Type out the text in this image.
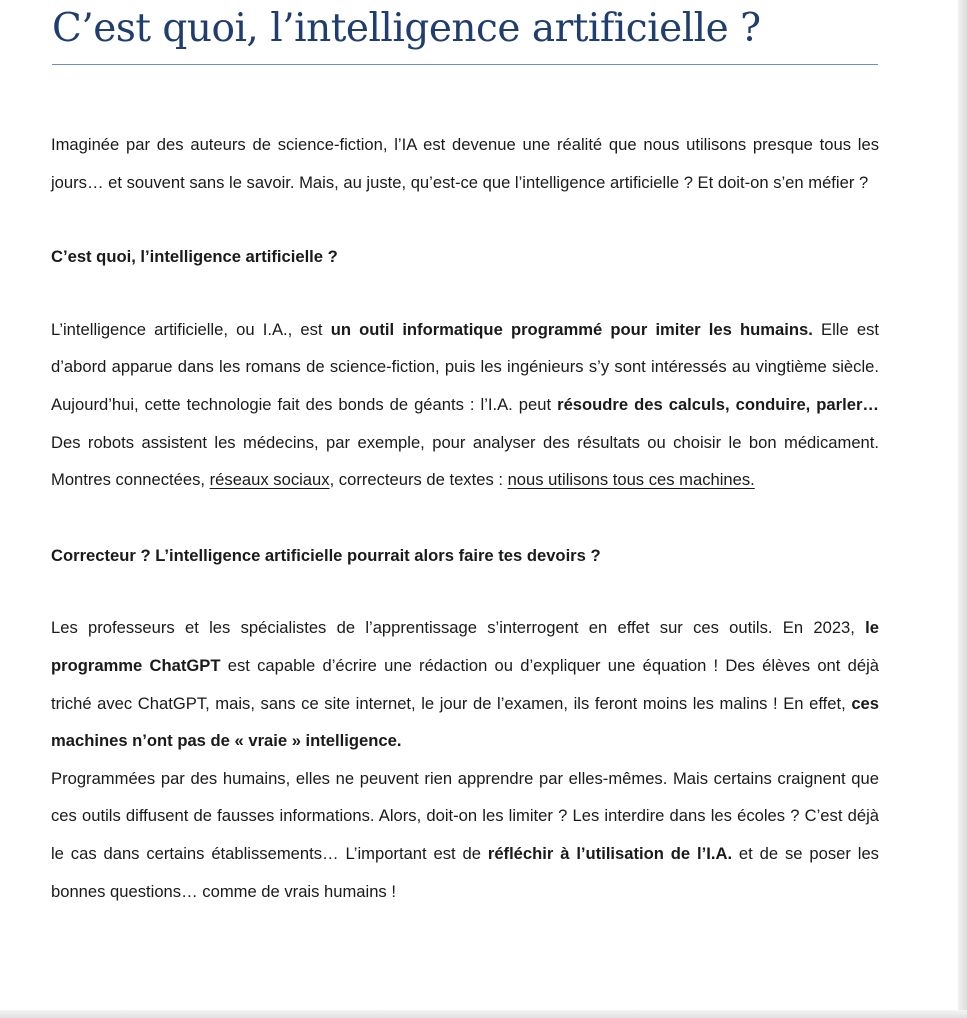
C’est quoi, l’intelligence artificielle ?

Imaginée par des auteurs de science-fiction, l’IA est devenue une réalité que nous utilisons presque tous les jours… et souvent sans le savoir. Mais, au juste, qu’est-ce que l’intelligence artificielle ? Et doit-on s’en méfier ?

C’est quoi, l’intelligence artificielle ?

L’intelligence artificielle, ou I.A., est un outil informatique programmé pour imiter les humains. Elle est d’abord apparue dans les romans de science-fiction, puis les ingénieurs s’y sont intéressés au vingtième siècle. Aujourd’hui, cette technologie fait des bonds de géants : l’I.A. peut résoudre des calculs, conduire, parler… Des robots assistent les médecins, par exemple, pour analyser des résultats ou choisir le bon médicament. Montres connectées, réseaux sociaux, correcteurs de textes : nous utilisons tous ces machines.

Correcteur ? L’intelligence artificielle pourrait alors faire tes devoirs ?

Les professeurs et les spécialistes de l’apprentissage s’interrogent en effet sur ces outils. En 2023, le programme ChatGPT est capable d’écrire une rédaction ou d’expliquer une équation ! Des élèves ont déjà triché avec ChatGPT, mais, sans ce site internet, le jour de l’examen, ils feront moins les malins ! En effet, ces machines n’ont pas de « vraie » intelligence.

Programmées par des humains, elles ne peuvent rien apprendre par elles-mêmes. Mais certains craignent que ces outils diffusent de fausses informations. Alors, doit-on les limiter ? Les interdire dans les écoles ? C’est déjà le cas dans certains établissements… L’important est de réfléchir à l’utilisation de l’I.A. et de se poser les bonnes questions… comme de vrais humains !
